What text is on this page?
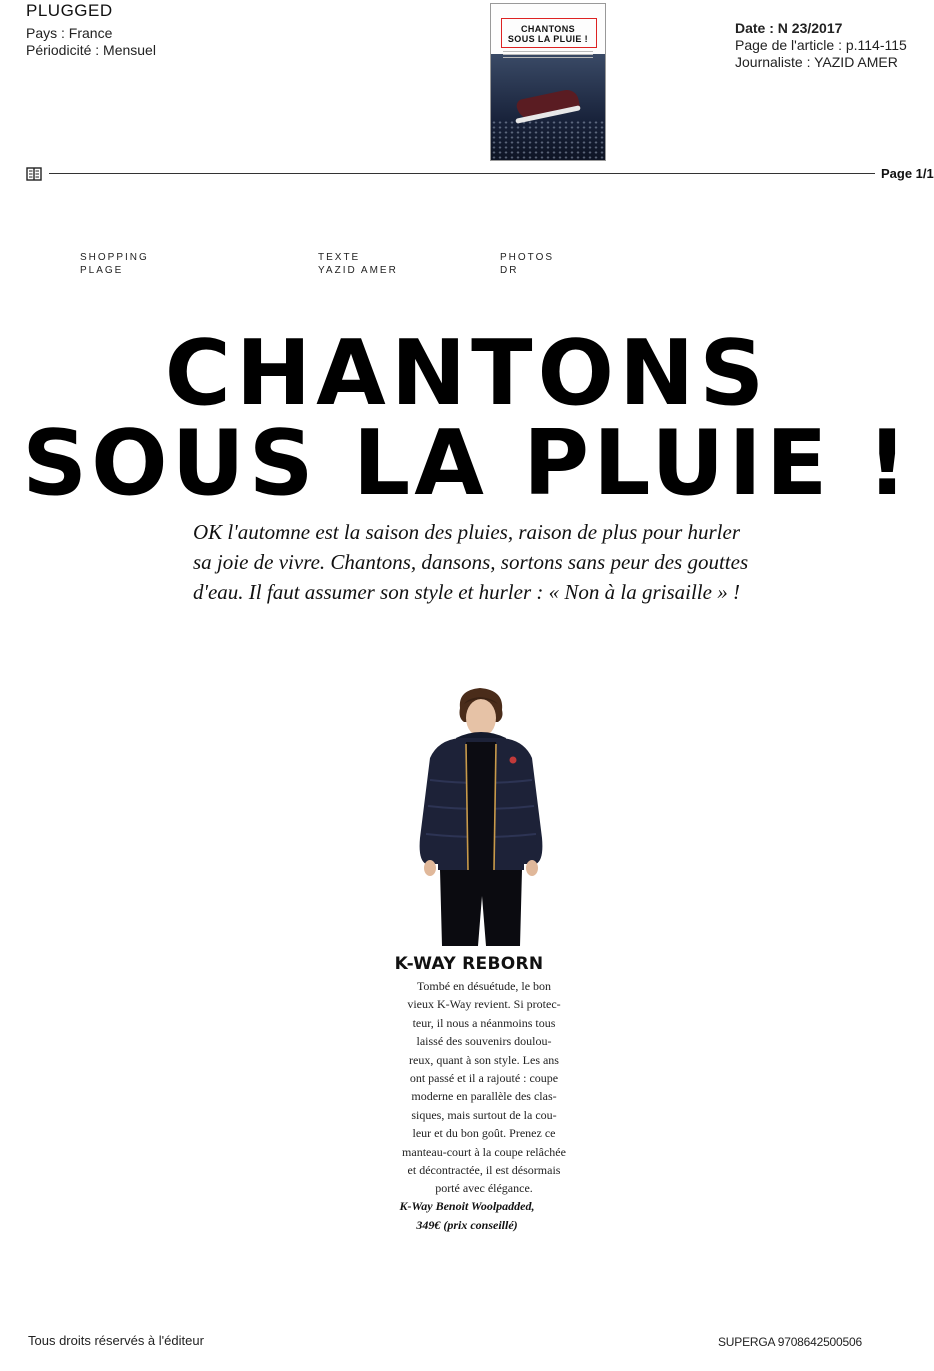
PLUGGED
Pays : France
Périodicité : Mensuel
CHANTONS
SOUS LA PLUIE !
Date : N 23/2017
Page de l'article : p.114-115
Journaliste : YAZID AMER
Page 1/1
SHOPPING
PLAGE
TEXTE
YAZID AMER
PHOTOS
DR
CHANTONS
SOUS LA PLUIE !
OK l'automne est la saison des pluies, raison de plus pour hurler
sa joie de vivre. Chantons, dansons, sortons sans peur des gouttes
d'eau. Il faut assumer son style et hurler : « Non à la grisaille » !
K-WAY REBORN
Tombé en désuétude, le bon
vieux K-Way revient. Si protec-
teur, il nous a néanmoins tous
laissé des souvenirs doulou-
reux, quant à son style. Les ans
ont passé et il a rajouté : coupe
moderne en parallèle des clas-
siques, mais surtout de la cou-
leur et du bon goût. Prenez ce
manteau-court à la coupe relâchée
et décontractée, il est désormais
porté avec élégance.
K-Way Benoit Woolpadded,
349€ (prix conseillé)
Tous droits réservés à l'éditeur	SUPERGA 9708642500506
